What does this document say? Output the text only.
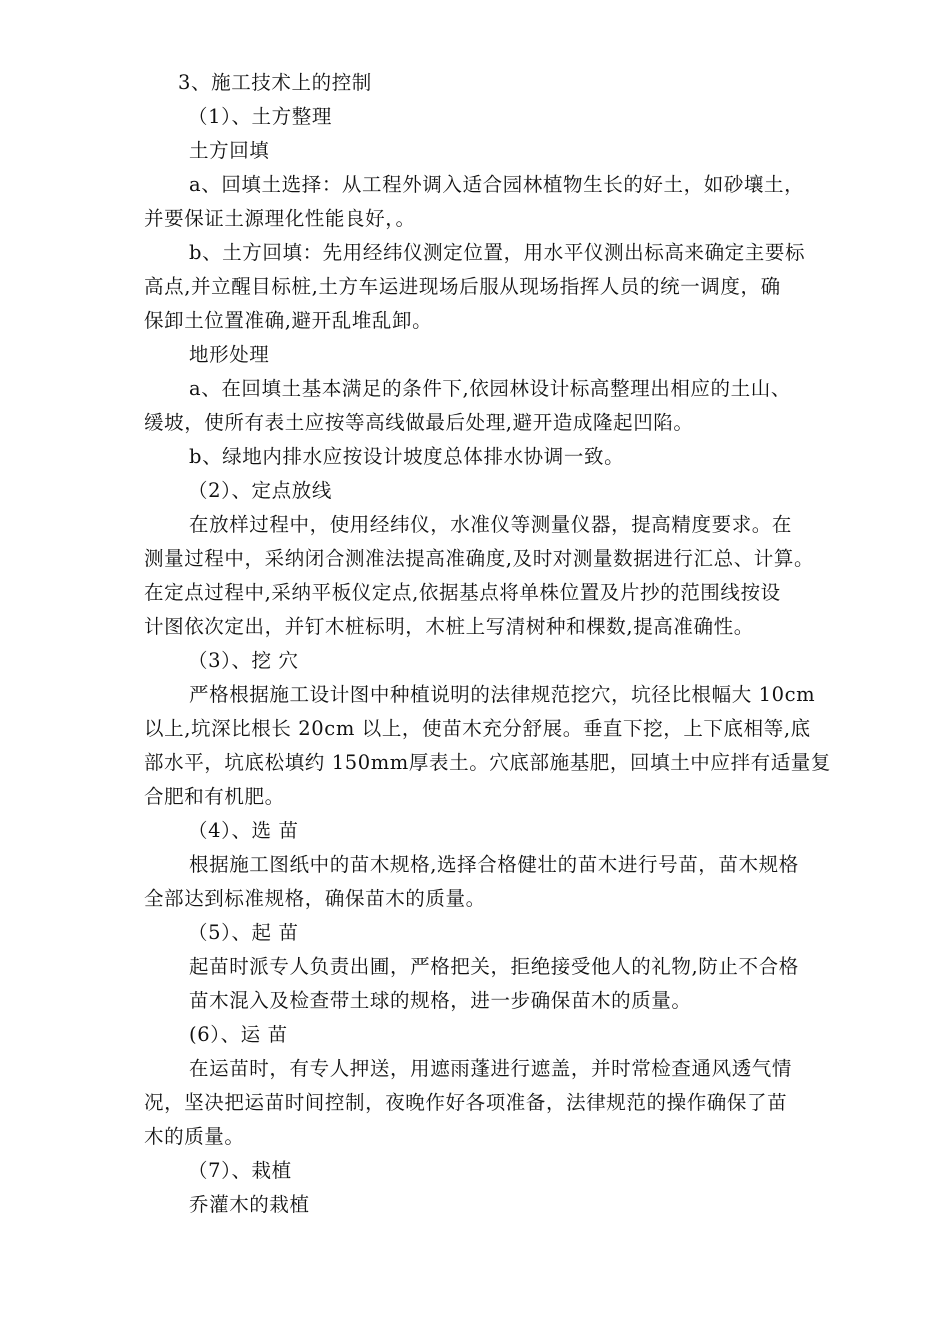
3、施工技术上的控制
（1）、土方整理
土方回填
a、回填土选择：从工程外调入适合园林植物生长的好土，如砂壤土，
并要保证土源理化性能良好，。
b、土方回填：先用经纬仪测定位置，用水平仪测出标高来确定主要标
高点,并立醒目标桩,土方车运进现场后服从现场指挥人员的统一调度，确
保卸土位置准确,避开乱堆乱卸。
地形处理
a、在回填土基本满足的条件下,依园林设计标高整理出相应的土山、
缓坡，使所有表土应按等高线做最后处理,避开造成隆起凹陷。
b、绿地内排水应按设计坡度总体排水协调一致。
（2）、定点放线
在放样过程中，使用经纬仪，水准仪等测量仪器，提高精度要求。在
测量过程中，采纳闭合测准法提高准确度,及时对测量数据进行汇总、计算。
在定点过程中,采纳平板仪定点,依据基点将单株位置及片抄的范围线按设
计图依次定出，并钉木桩标明，木桩上写清树种和棵数,提高准确性。
（3）、挖 穴
严格根据施工设计图中种植说明的法律规范挖穴，坑径比根幅大 10cm
以上,坑深比根长 20cm 以上，使苗木充分舒展。垂直下挖，上下底相等,底
部水平，坑底松填约 150mm厚表土。穴底部施基肥，回填土中应拌有适量复
合肥和有机肥。
（4）、选 苗
根据施工图纸中的苗木规格,选择合格健壮的苗木进行号苗，苗木规格
全部达到标准规格，确保苗木的质量。
（5）、起 苗
起苗时派专人负责出圃，严格把关，拒绝接受他人的礼物,防止不合格
苗木混入及检查带土球的规格，进一步确保苗木的质量。
(6）、运 苗
在运苗时，有专人押送，用遮雨蓬进行遮盖，并时常检查通风透气情
况，坚决把运苗时间控制，夜晚作好各项准备，法律规范的操作确保了苗
木的质量。
（7）、栽植
乔灌木的栽植
